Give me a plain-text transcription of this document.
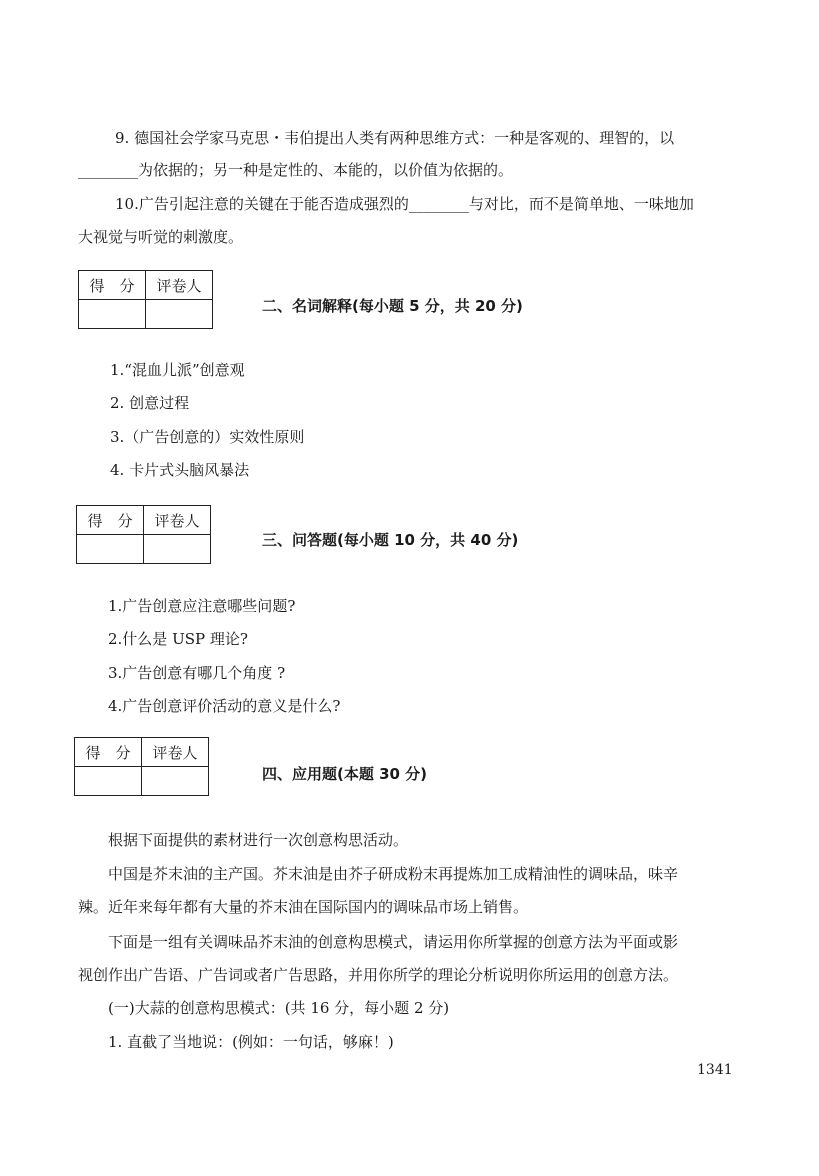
9. 德国社会学家马克思・韦伯提出人类有两种思维方式：一种是客观的、理智的，以
________为依据的；另一种是定性的、本能的，以价值为依据的。
10.广告引起注意的关键在于能否造成强烈的________与对比，而不是简单地、一味地加
大视觉与听觉的刺激度。
得　分	评卷人

二、名词解释(每小题 5 分，共 20 分)
1.“混血儿派”创意观
2. 创意过程
3.（广告创意的）实效性原则
4. 卡片式头脑风暴法
得　分	评卷人

三、问答题(每小题 10 分，共 40 分)
1.广告创意应注意哪些问题?
2.什么是 USP 理论?
3.广告创意有哪几个角度 ?
4.广告创意评价活动的意义是什么?
得　分	评卷人

四、应用题(本题 30 分)
根据下面提供的素材进行一次创意构思活动。
中国是芥末油的主产国。芥末油是由芥子研成粉末再提炼加工成精油性的调味品，味辛
辣。近年来每年都有大量的芥末油在国际国内的调味品市场上销售。
下面是一组有关调味品芥末油的创意构思模式，请运用你所掌握的创意方法为平面或影
视创作出广告语、广告词或者广告思路，并用你所学的理论分析说明你所运用的创意方法。
(一)大蒜的创意构思模式：(共 16 分，每小题 2 分)
1. 直截了当地说：(例如：一句话，够麻！)
1341
